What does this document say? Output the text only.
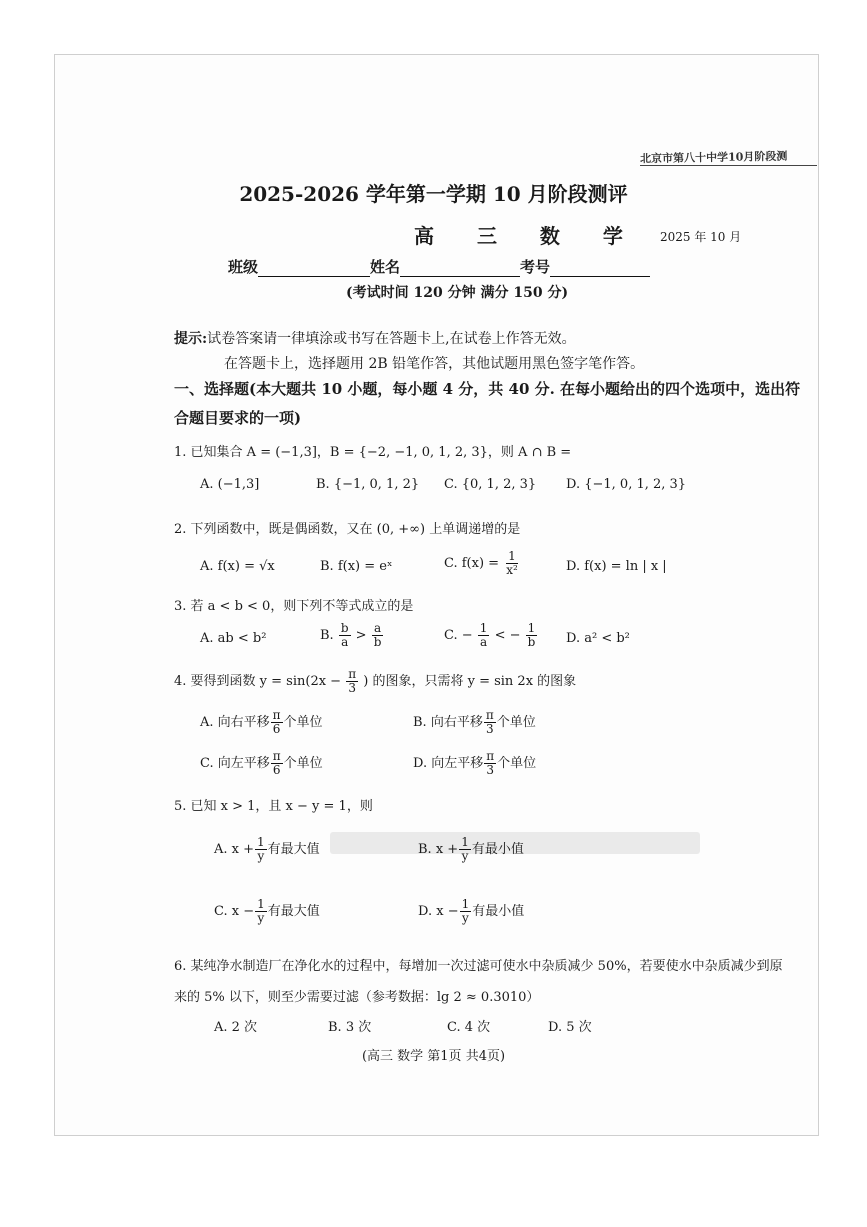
北京市第八十中学10月阶段测
2025-2026 学年第一学期 10 月阶段测评
高 三 数 学 2025 年 10 月
班级	姓名	考号
(考试时间 120 分钟 满分 150 分)
提示:试卷答案请一律填涂或书写在答题卡上,在试卷上作答无效。
在答题卡上，选择题用 2B 铅笔作答，其他试题用黑色签字笔作答。
一、选择题(本大题共 10 小题，每小题 4 分，共 40 分. 在每小题给出的四个选项中，选出符
合题目要求的一项)
1. 已知集合 A = (−1,3]，B = {−2, −1, 0, 1, 2, 3}，则 A ∩ B =
A. (−1,3]	B. {−1, 0, 1, 2} C. {0, 1, 2, 3} D. {−1, 0, 1, 2, 3}
2. 下列函数中，既是偶函数，又在 (0, +∞) 上单调递增的是
A. f(x) = √x	B. f(x) = eˣ	C. $f(x) = \frac{1}{\text{x²}}$	D. f(x) = ln | x |
3. 若 a < b < 0，则下列不等式成立的是
A. ab < b²	B. $\frac{b}{a} > \frac{a}{b}$	C. − $\frac{1}{a}$ < − $\frac{1}{b} D$. a² < b²
4. 要得到函数 $y = \sin(2x - \frac{\pi}{3}$ ) 的图象，只需将 y = sin 2x 的图象
A. 向右平移 $\frac{\pi}{6}$ 个单位	B. 向右平移 $\frac{\pi}{3}$ 个单位
C. 向左平移 $\frac{\pi}{6}$ 个单位	D. 向左平移 $\frac{\pi}{3}$ 个单位
5. 已知 x > 1，且 x − y = 1，则
A. $x + \frac{1}{y}$ 有最大值	B. $x + \frac{1}{y}$ 有最小值
C. $x - \frac{1}{y}$ 有最大值	D. $x - \frac{1}{y}$ 有最小值
6. 某纯净水制造厂在净化水的过程中，每增加一次过滤可使水中杂质减少 50%，若要使水中杂质减少到原
来的 5% 以下，则至少需要过滤（参考数据：lg 2 ≈ 0.3010）
A. 2 次	B. 3 次	C. 4 次	D. 5 次
(高三 数学 第1页 共4页)
